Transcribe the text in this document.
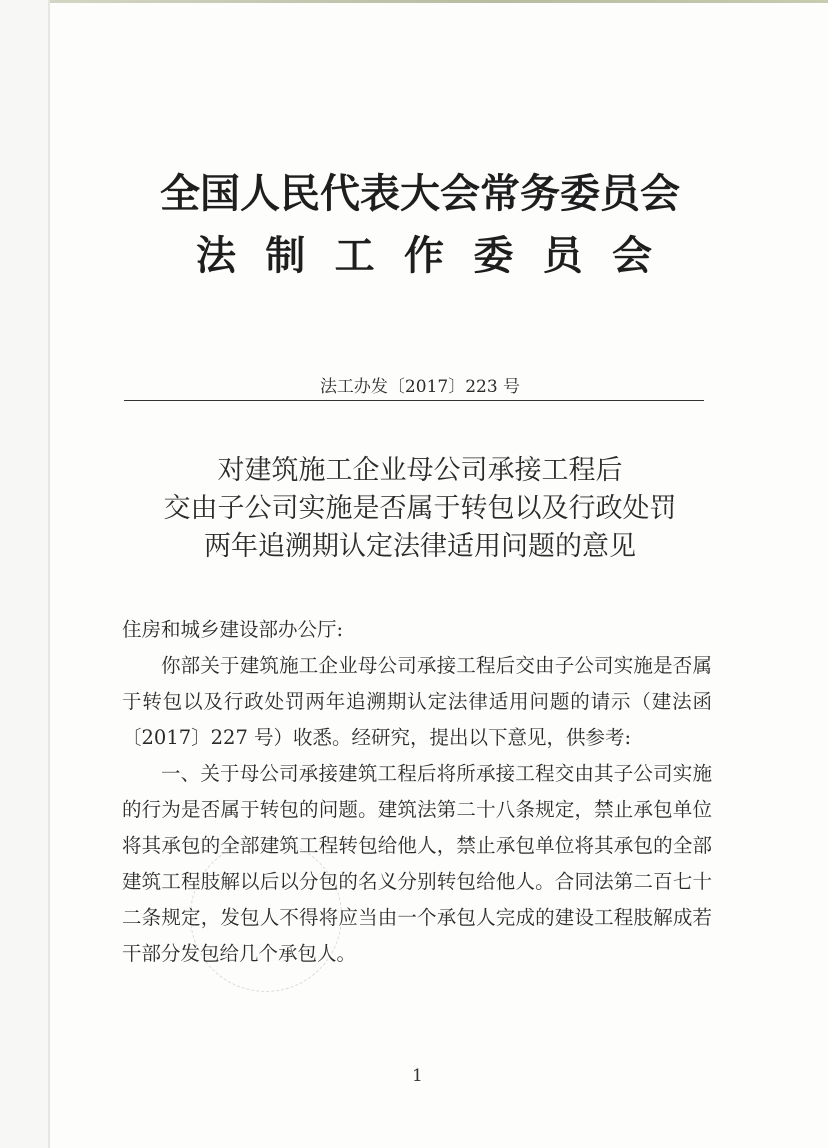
全国人民代表大会常务委员会
法 制 工 作 委 员 会
法工办发〔2017〕223 号
对建筑施工企业母公司承接工程后
交由子公司实施是否属于转包以及行政处罚
两年追溯期认定法律适用问题的意见

住房和城乡建设部办公厅:

你部关于建筑施工企业母公司承接工程后交由子公司实施是否属于转包以及行政处罚两年追溯期认定法律适用问题的请示（建法函〔2017〕227 号）收悉。经研究，提出以下意见，供参考:

一、关于母公司承接建筑工程后将所承接工程交由其子公司实施的行为是否属于转包的问题。建筑法第二十八条规定，禁止承包单位将其承包的全部建筑工程转包给他人，禁止承包单位将其承包的全部建筑工程肢解以后以分包的名义分别转包给他人。合同法第二百七十二条规定，发包人不得将应当由一个承包人完成的建设工程肢解成若干部分发包给几个承包人。

1
